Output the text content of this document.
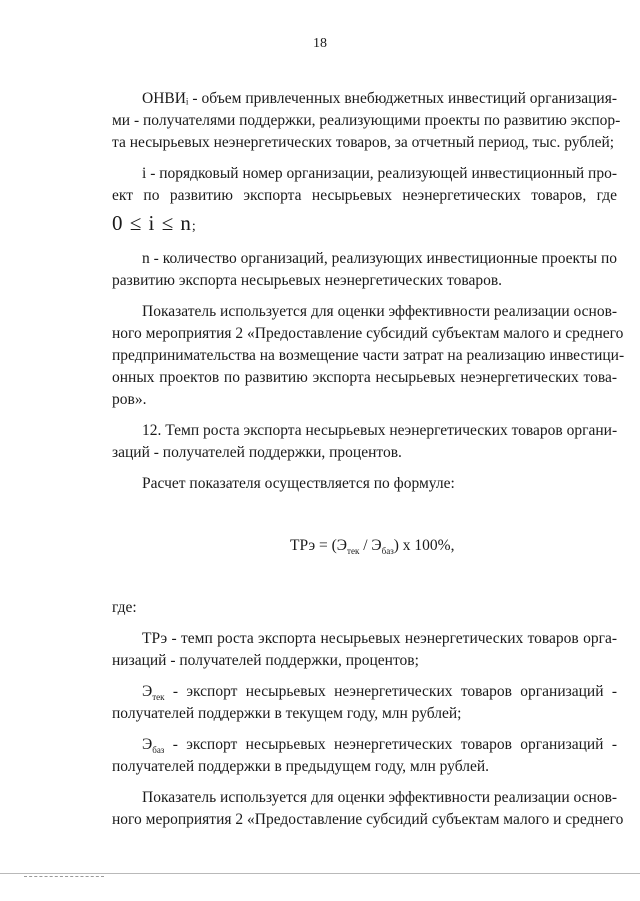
18
ОНВИᵢ - объем привлеченных внебюджетных инвестиций организация-
ми - получателями поддержки, реализующими проекты по развитию экспор-
та несырьевых неэнергетических товаров, за отчетный период, тыс. рублей;
i - порядковый номер организации, реализующей инвестиционный про-
ект по развитию экспорта несырьевых неэнергетических товаров, где
0 ≤ i ≤ n;
n - количество организаций, реализующих инвестиционные проекты по
развитию экспорта несырьевых неэнергетических товаров.
Показатель используется для оценки эффективности реализации основ-
ного мероприятия 2 «Предоставление субсидий субъектам малого и среднего
предпринимательства на возмещение части затрат на реализацию инвестици-
онных проектов по развитию экспорта несырьевых неэнергетических това-
ров».
12. Темп роста экспорта несырьевых неэнергетических товаров органи-
заций - получателей поддержки, процентов.
Расчет показателя осуществляется по формуле:
ТРэ = $(Э_{тек} / Э_{баз})$ x 100%,
где:
ТРэ - темп роста экспорта несырьевых неэнергетических товаров орга-
низаций - получателей поддержки, процентов;
$Э_{тек}$ - экспорт несырьевых неэнергетических товаров организаций -
получателей поддержки в текущем году, млн рублей;
$Э_{баз}$ - экспорт несырьевых неэнергетических товаров организаций -
получателей поддержки в предыдущем году, млн рублей.
Показатель используется для оценки эффективности реализации основ-
ного мероприятия 2 «Предоставление субсидий субъектам малого и среднего
